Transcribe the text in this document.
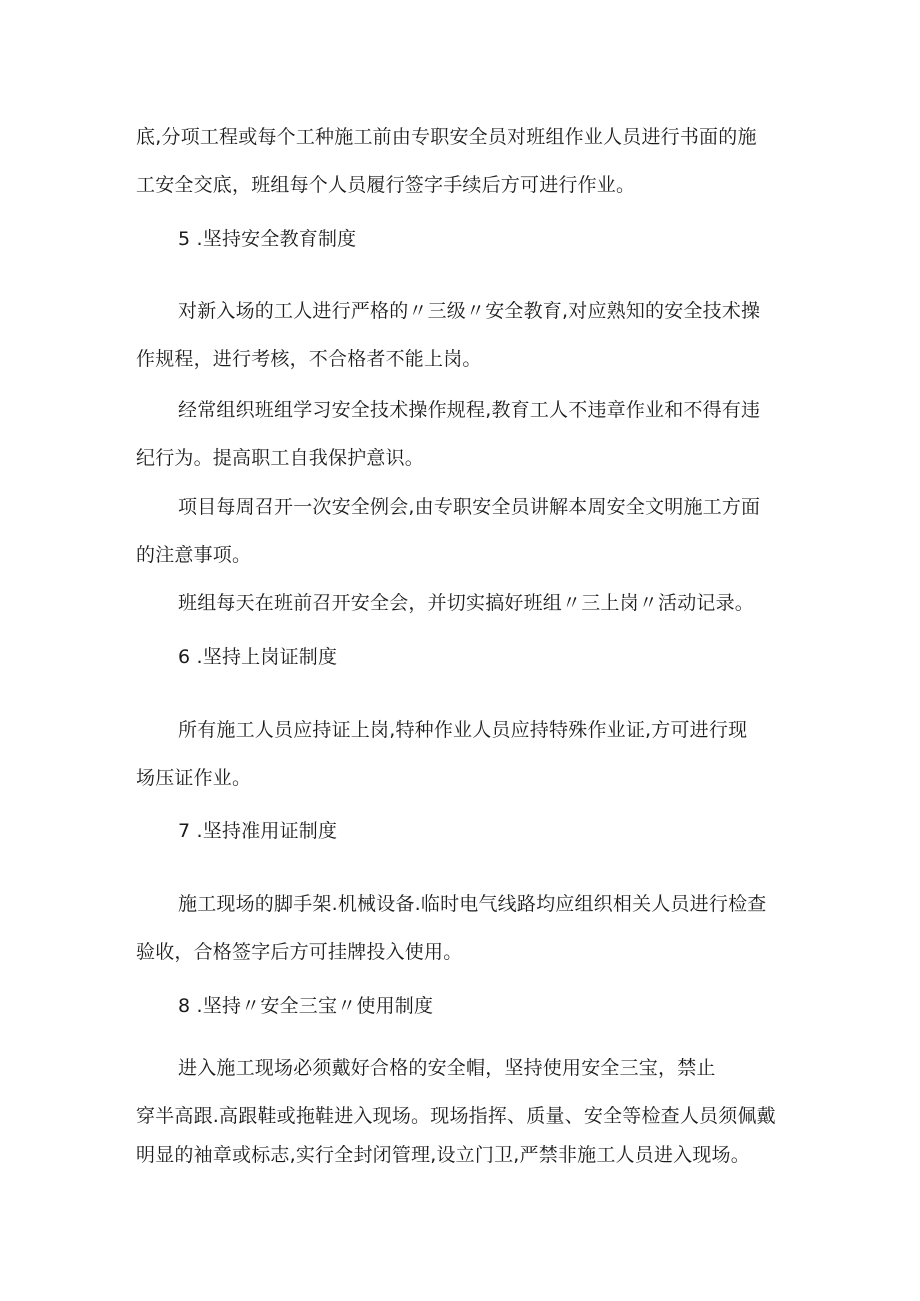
底,分项工程或每个工种施工前由专职安全员对班组作业人员进行书面的施
工安全交底，班组每个人员履行签字手续后方可进行作业。
5 .坚持安全教育制度
对新入场的工人进行严格的〃三级〃安全教育,对应熟知的安全技术操
作规程，进行考核，不合格者不能上岗。
经常组织班组学习安全技术操作规程,教育工人不违章作业和不得有违
纪行为。提高职工自我保护意识。
项目每周召开一次安全例会,由专职安全员讲解本周安全文明施工方面
的注意事项。
班组每天在班前召开安全会，并切实搞好班组〃三上岗〃活动记录。
6 .坚持上岗证制度
所有施工人员应持证上岗,特种作业人员应持特殊作业证,方可进行现
场压证作业。
7 .坚持准用证制度
施工现场的脚手架.机械设备.临时电气线路均应组织相关人员进行检查
验收，合格签字后方可挂牌投入使用。
8 .坚持〃安全三宝〃使用制度
进入施工现场必须戴好合格的安全帽，坚持使用安全三宝，禁止
穿半高跟.高跟鞋或拖鞋进入现场。现场指挥、质量、安全等检查人员须佩戴
明显的袖章或标志,实行全封闭管理,设立门卫,严禁非施工人员进入现场。
